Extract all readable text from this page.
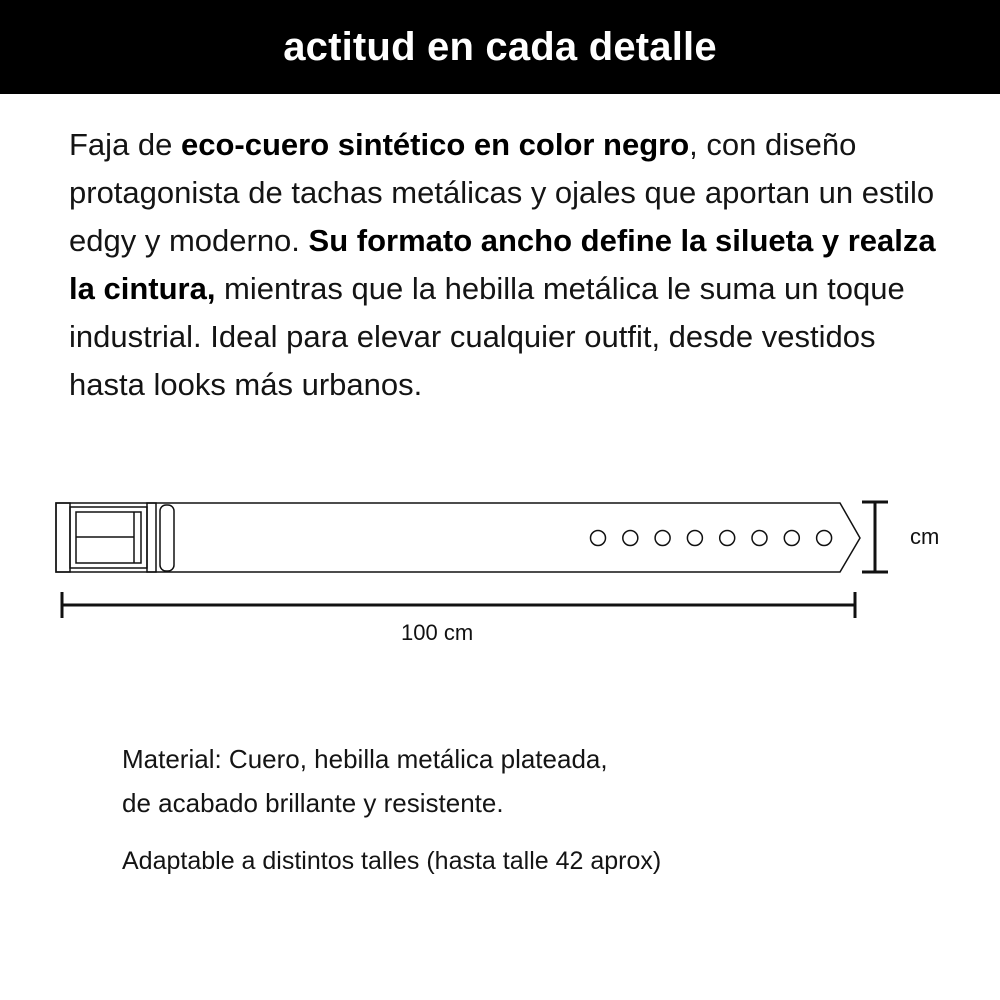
actitud en cada detalle
Faja de eco-cuero sintético en color negro, con diseño protagonista de tachas metálicas y ojales que aportan un estilo edgy y moderno. Su formato ancho define la silueta y realza la cintura, mientras que la hebilla metálica le suma un toque industrial. Ideal para elevar cualquier outfit, desde vestidos hasta looks más urbanos.
100 cm
cm
Material: Cuero, hebilla metálica plateada,
de acabado brillante y resistente.
Adaptable a distintos talles (hasta talle 42 aprox)
